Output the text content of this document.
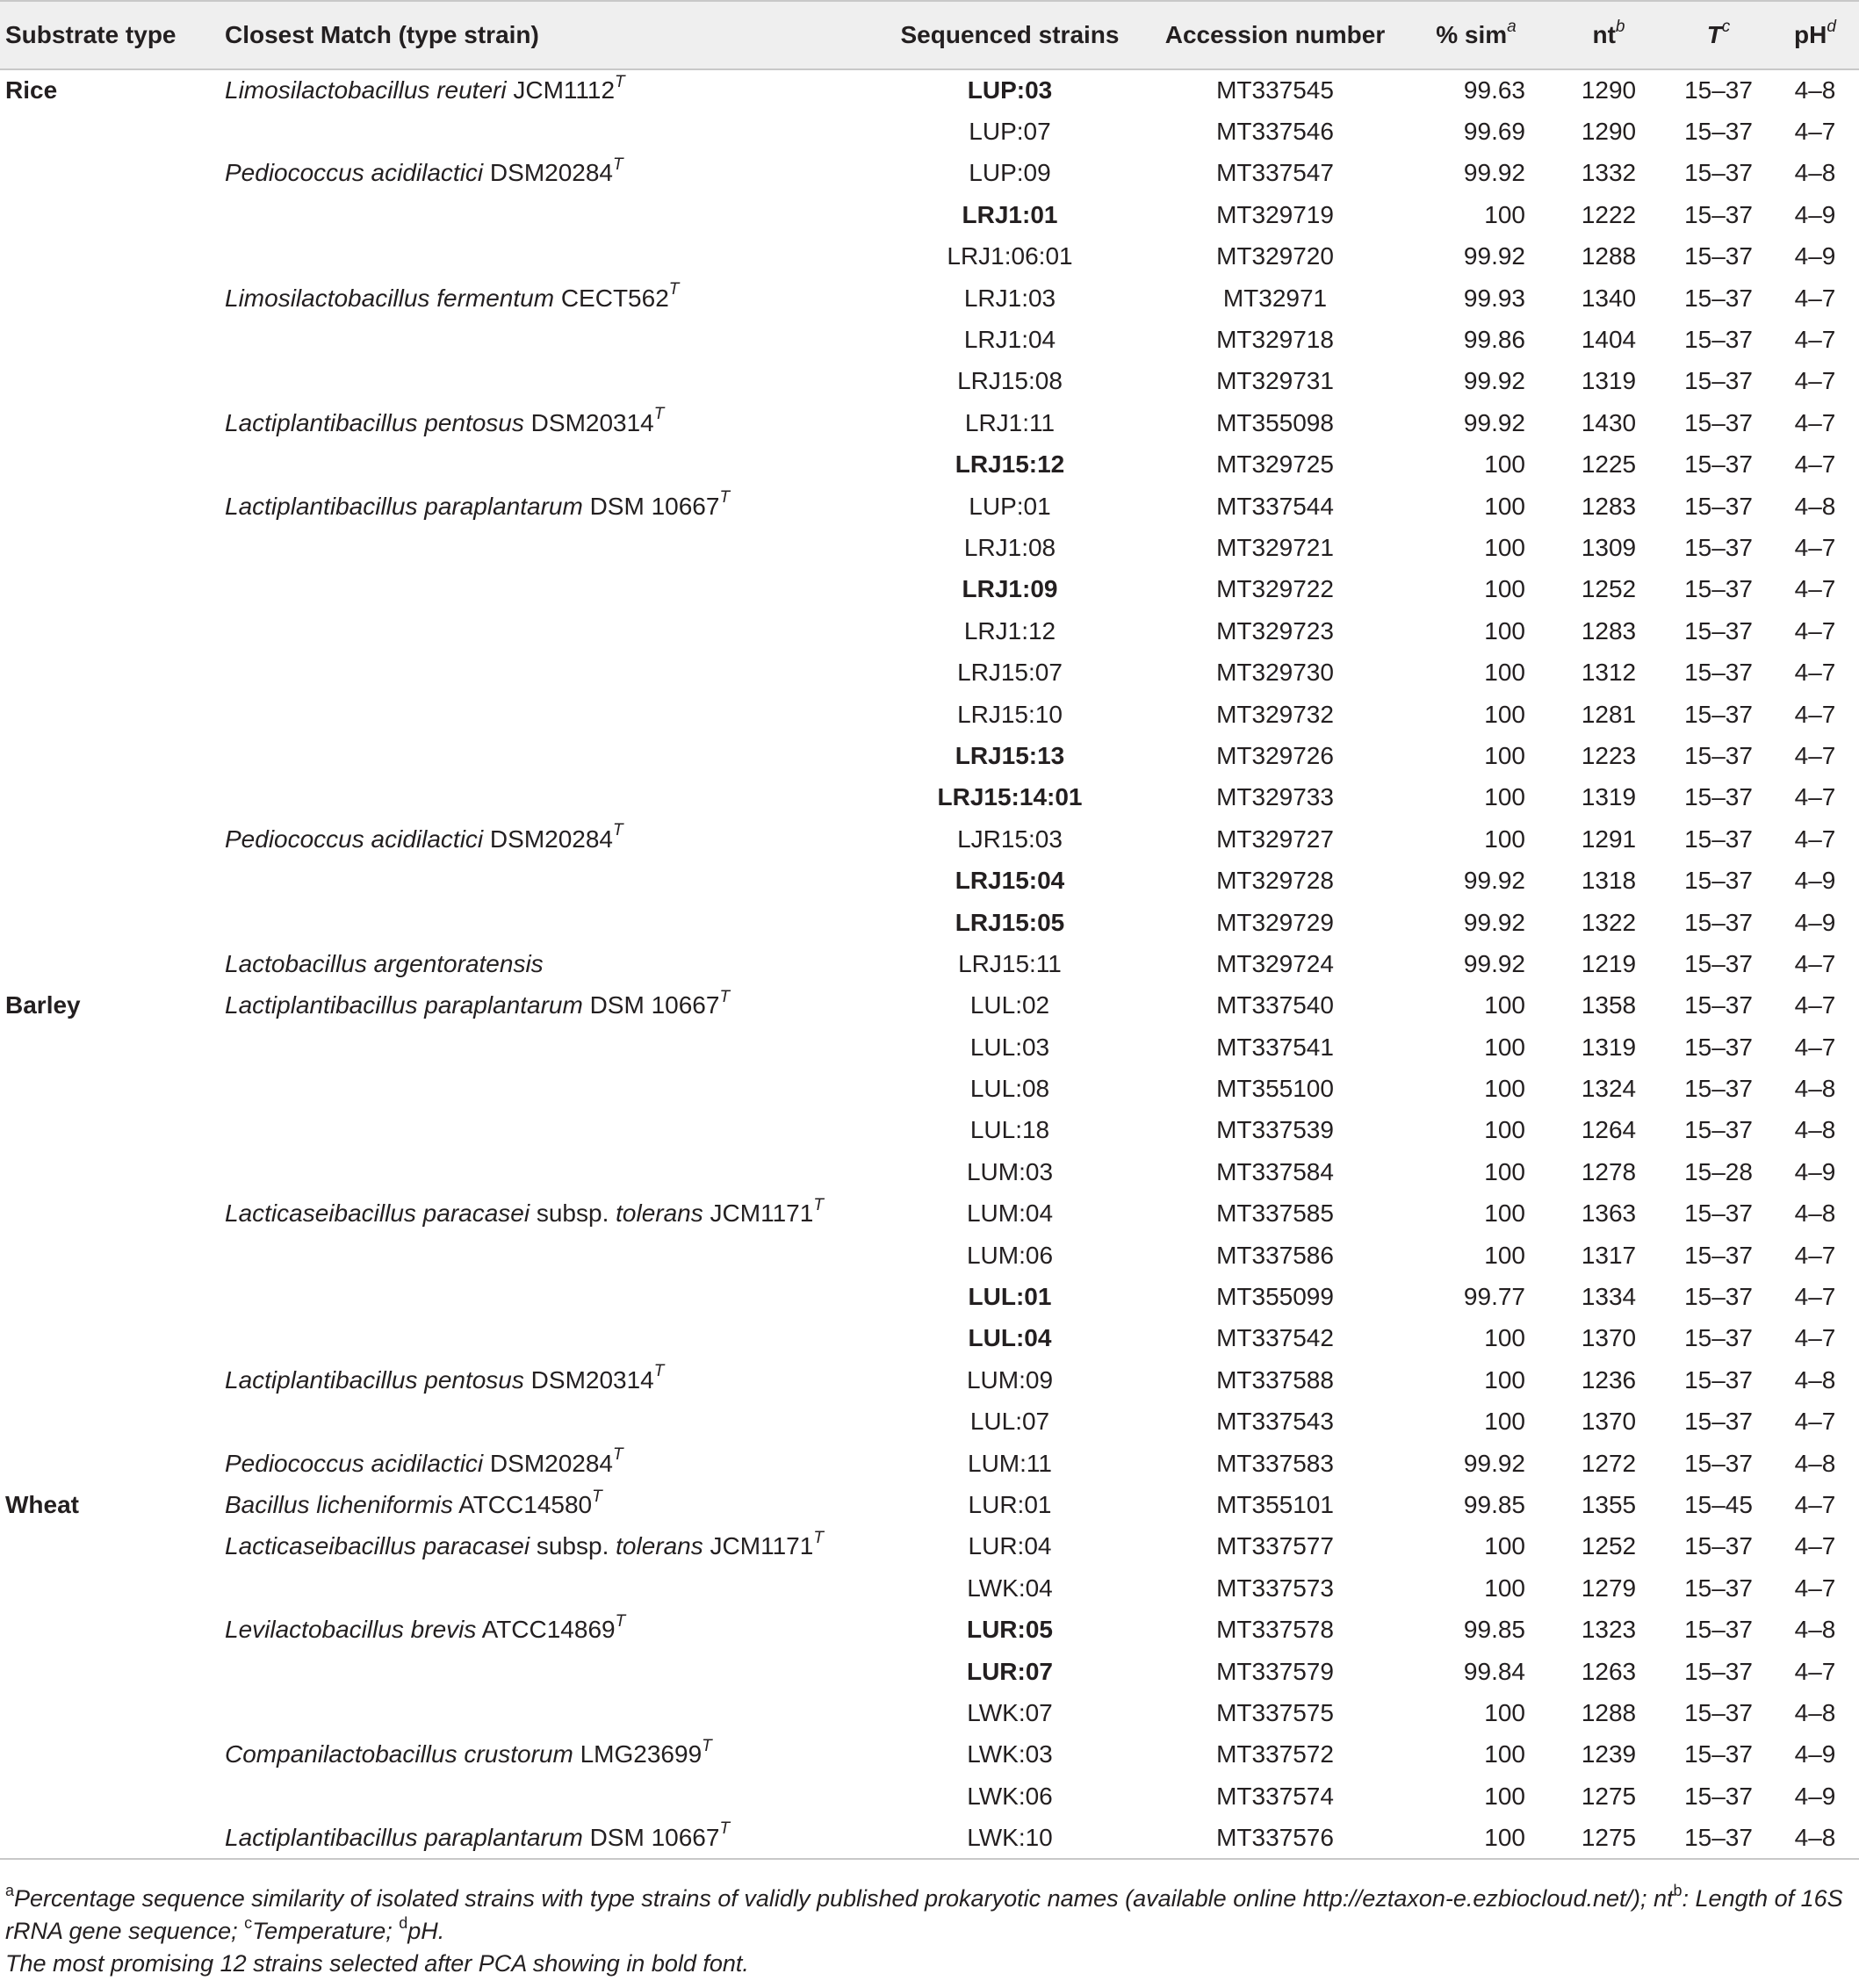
Substrate type	Closest Match (type strain)	Sequenced strains	Accession number	% sim$^a$	$nt^b$	$T^c$	$pH^d$
Rice	Limosilactobacillus reuteri $JCM1112^T$	LUP:03	MT337545	99.63	1290	15–37	4–8
		LUP:07	MT337546	99.69	1290	15–37	4–7
	Pediococcus acidilactici $DSM20284^T$	LUP:09	MT337547	99.92	1332	15–37	4–8
		LRJ1:01	MT329719	100	1222	15–37	4–9
		LRJ1:06:01	MT329720	99.92	1288	15–37	4–9
	Limosilactobacillus fermentum $CECT562^T$	LRJ1:03	MT32971	99.93	1340	15–37	4–7
		LRJ1:04	MT329718	99.86	1404	15–37	4–7
		LRJ15:08	MT329731	99.92	1319	15–37	4–7
	Lactiplantibacillus pentosus $DSM20314^T$	LRJ1:11	MT355098	99.92	1430	15–37	4–7
		LRJ15:12	MT329725	100	1225	15–37	4–7
	Lactiplantibacillus paraplantarum DSM $10667^T$	LUP:01	MT337544	100	1283	15–37	4–8
		LRJ1:08	MT329721	100	1309	15–37	4–7
		LRJ1:09	MT329722	100	1252	15–37	4–7
		LRJ1:12	MT329723	100	1283	15–37	4–7
		LRJ15:07	MT329730	100	1312	15–37	4–7
		LRJ15:10	MT329732	100	1281	15–37	4–7
		LRJ15:13	MT329726	100	1223	15–37	4–7
		LRJ15:14:01	MT329733	100	1319	15–37	4–7
	Pediococcus acidilactici $DSM20284^T$	LJR15:03	MT329727	100	1291	15–37	4–7
		LRJ15:04	MT329728	99.92	1318	15–37	4–9
		LRJ15:05	MT329729	99.92	1322	15–37	4–9
	Lactobacillus argentoratensis	LRJ15:11	MT329724	99.92	1219	15–37	4–7
Barley	Lactiplantibacillus paraplantarum DSM $10667^T$	LUL:02	MT337540	100	1358	15–37	4–7
		LUL:03	MT337541	100	1319	15–37	4–7
		LUL:08	MT355100	100	1324	15–37	4–8
		LUL:18	MT337539	100	1264	15–37	4–8
		LUM:03	MT337584	100	1278	15–28	4–9
	Lacticaseibacillus paracasei subsp. tolerans $JCM1171^T$	LUM:04	MT337585	100	1363	15–37	4–8
		LUM:06	MT337586	100	1317	15–37	4–7
		LUL:01	MT355099	99.77	1334	15–37	4–7
		LUL:04	MT337542	100	1370	15–37	4–7
	Lactiplantibacillus pentosus $DSM20314^T$	LUM:09	MT337588	100	1236	15–37	4–8
		LUL:07	MT337543	100	1370	15–37	4–7
	Pediococcus acidilactici $DSM20284^T$	LUM:11	MT337583	99.92	1272	15–37	4–8
Wheat	Bacillus licheniformis $ATCC14580^T$	LUR:01	MT355101	99.85	1355	15–45	4–7
	Lacticaseibacillus paracasei subsp. tolerans $JCM1171^T$	LUR:04	MT337577	100	1252	15–37	4–7
		LWK:04	MT337573	100	1279	15–37	4–7
	Levilactobacillus brevis $ATCC14869^T$	LUR:05	MT337578	99.85	1323	15–37	4–8
		LUR:07	MT337579	99.84	1263	15–37	4–7
		LWK:07	MT337575	100	1288	15–37	4–8
	Companilactobacillus crustorum $LMG23699^T$	LWK:03	MT337572	100	1239	15–37	4–9
		LWK:06	MT337574	100	1275	15–37	4–9
	Lactiplantibacillus paraplantarum DSM $10667^T$	LWK:10	MT337576	100	1275	15–37	4–8
$^a$Percentage sequence similarity of isolated strains with type strains of validly published prokaryotic names (available online http://eztaxon-e.ezbiocloud.net/); $nt^b$: Length of 16S rRNA gene sequence; $^c$Temperature; $^d$pH.
The most promising 12 strains selected after PCA showing in bold font.
